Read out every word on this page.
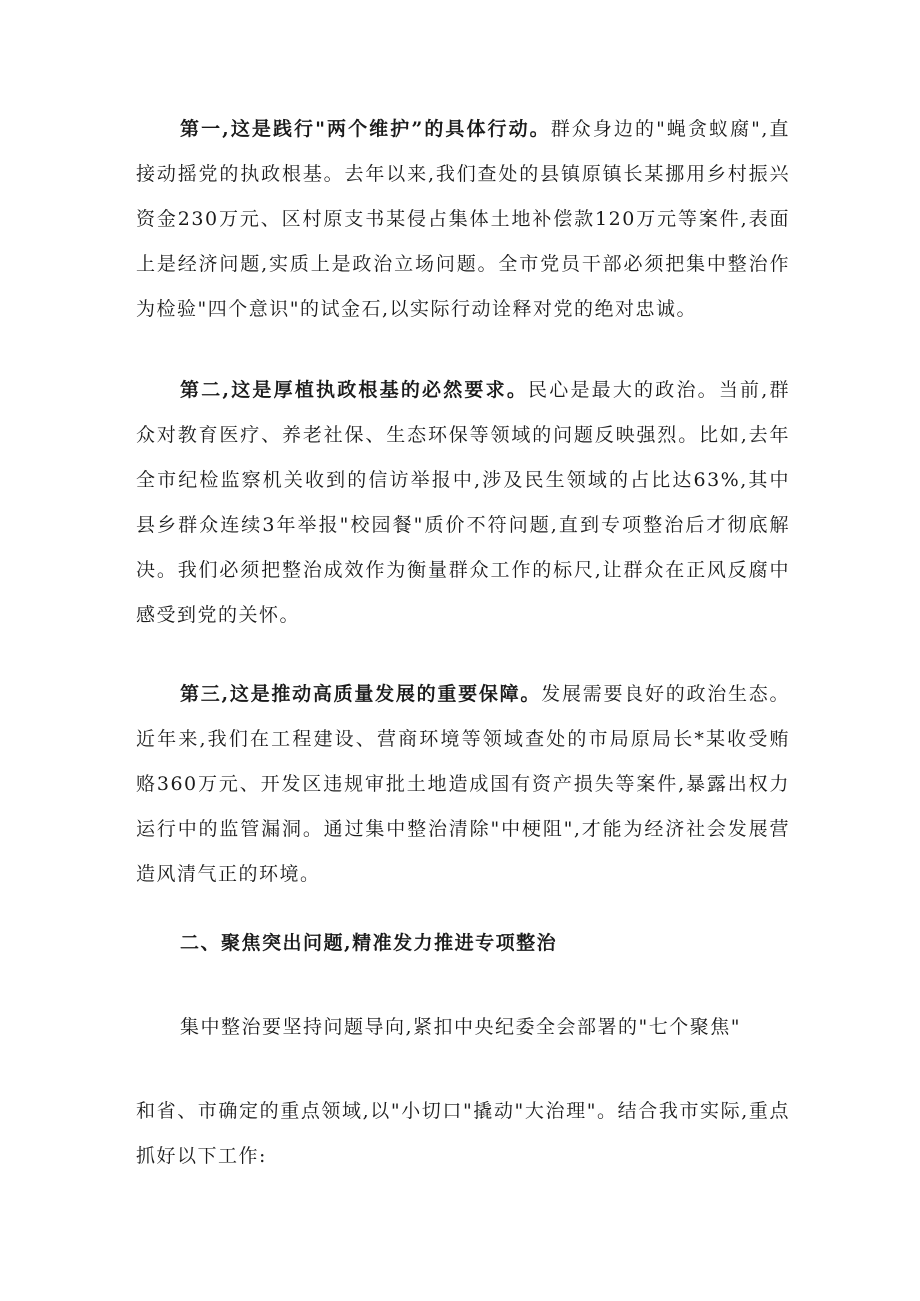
第一,这是践行"两个维护”的具体行动。群众身边的"蝇贪蚁腐",直接动摇党的执政根基。去年以来,我们查处的县镇原镇长某挪用乡村振兴资金230万元、区村原支书某侵占集体土地补偿款120万元等案件,表面上是经济问题,实质上是政治立场问题。全市党员干部必须把集中整治作为检验"四个意识"的试金石,以实际行动诠释对党的绝对忠诚。

第二,这是厚植执政根基的必然要求。民心是最大的政治。当前,群众对教育医疗、养老社保、生态环保等领域的问题反映强烈。比如,去年全市纪检监察机关收到的信访举报中,涉及民生领域的占比达63%,其中县乡群众连续3年举报"校园餐"质价不符问题,直到专项整治后才彻底解决。我们必须把整治成效作为衡量群众工作的标尺,让群众在正风反腐中感受到党的关怀。

第三,这是推动高质量发展的重要保障。发展需要良好的政治生态。近年来,我们在工程建设、营商环境等领域查处的市局原局长*某收受贿赂360万元、开发区违规审批土地造成国有资产损失等案件,暴露出权力运行中的监管漏洞。通过集中整治清除"中梗阻",才能为经济社会发展营造风清气正的环境。

二、聚焦突出问题,精准发力推进专项整治

集中整治要坚持问题导向,紧扣中央纪委全会部署的"七个聚焦"

和省、市确定的重点领域,以"小切口"撬动"大治理"。结合我市实际,重点抓好以下工作:
